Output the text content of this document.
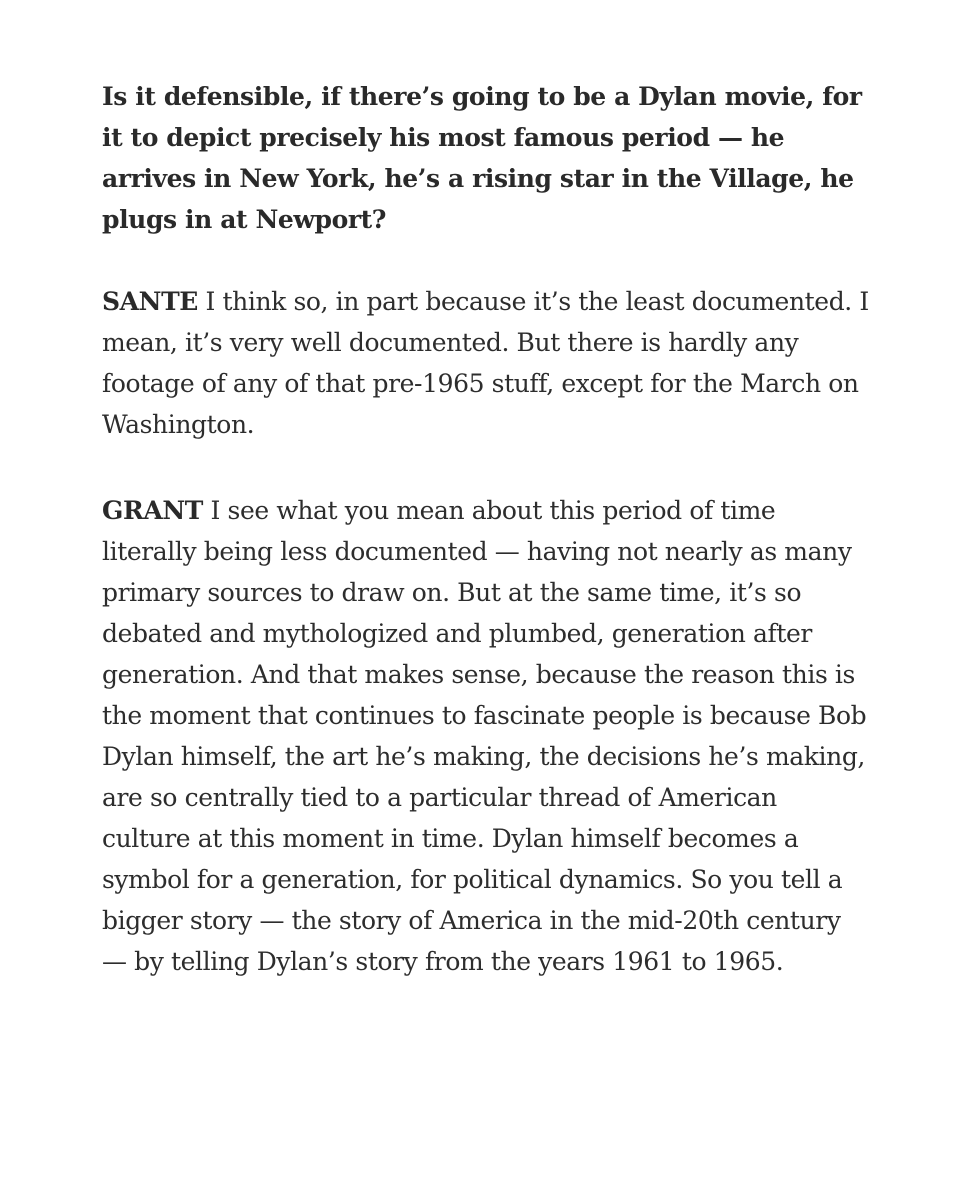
Is it defensible, if there’s going to be a Dylan movie, for it to depict precisely his most famous period — he arrives in New York, he’s a rising star in the Village, he plugs in at Newport?

SANTE I think so, in part because it’s the least documented. I mean, it’s very well documented. But there is hardly any footage of any of that pre-1965 stuff, except for the March on Washington.

GRANT I see what you mean about this period of time literally being less documented — having not nearly as many primary sources to draw on. But at the same time, it’s so debated and mythologized and plumbed, generation after generation. And that makes sense, because the reason this is the moment that continues to fascinate people is because Bob Dylan himself, the art he’s making, the decisions he’s making, are so centrally tied to a particular thread of American culture at this moment in time. Dylan himself becomes a symbol for a generation, for political dynamics. So you tell a bigger story — the story of America in the mid-20th century — by telling Dylan’s story from the years 1961 to 1965.
